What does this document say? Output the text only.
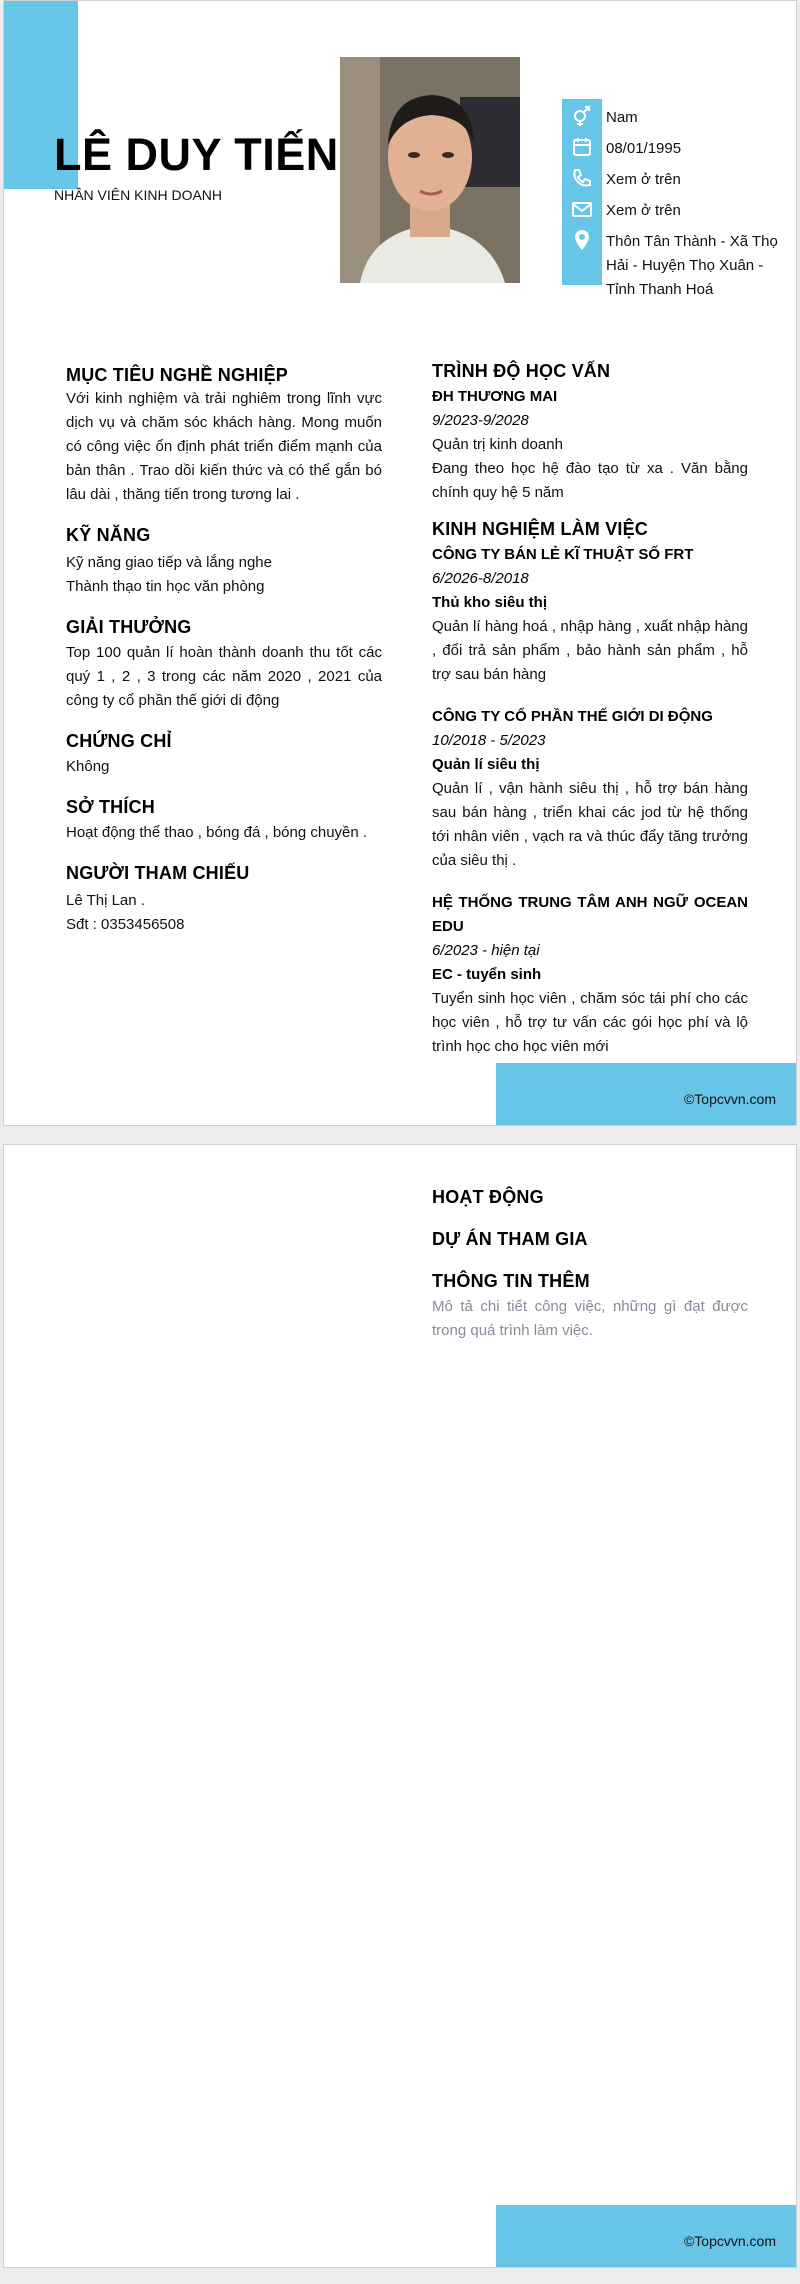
LÊ DUY TIẾN
NHÂN VIÊN KINH DOANH
Nam
08/01/1995
Xem ở trên
Xem ở trên
Thôn Tân Thành - Xã Thọ Hải - Huyện Thọ Xuân - Tỉnh Thanh Hoá
MỤC TIÊU NGHỀ NGHIỆP
Với kinh nghiệm và trải nghiêm trong lĩnh vực dịch vụ và chăm sóc khách hàng. Mong muốn có công việc ổn định phát triển điểm mạnh của bản thân . Trao dồi kiến thức và có thể gắn bó lâu dài , thăng tiến trong tương lai .
KỸ NĂNG
Kỹ năng giao tiếp và lắng nghe
Thành thạo tin học văn phòng
GIẢI THƯỞNG
Top 100 quản lí hoàn thành doanh thu tốt các quý 1 , 2 , 3 trong các năm 2020 , 2021 của công ty cổ phần thế giới di động
CHỨNG CHỈ
Không
SỞ THÍCH
Hoạt động thể thao , bóng đá , bóng chuyền .
NGƯỜI THAM CHIẾU
Lê Thị Lan .
Sđt : 0353456508
TRÌNH ĐỘ HỌC VẤN
ĐH THƯƠNG MAI
9/2023-9/2028
Quản trị kinh doanh
Đang theo học hệ đào tạo từ xa . Văn bằng chính quy hệ 5 năm
KINH NGHIỆM LÀM VIỆC
CÔNG TY BÁN LẺ KĨ THUẬT SỐ FRT
6/2026-8/2018
Thủ kho siêu thị
Quản lí hàng hoá , nhập hàng , xuất nhập hàng , đổi trả sản phẩm , bảo hành sản phẩm , hỗ trợ sau bán hàng
CÔNG TY CỔ PHẦN THẾ GIỚI DI ĐỘNG
10/2018 - 5/2023
Quản lí siêu thị
Quản lí , vận hành siêu thị , hỗ trợ bán hàng sau bán hàng , triển khai các jod từ hệ thống tới nhân viên , vạch ra và thúc đẩy tăng trưởng của siêu thị .
HỆ THỐNG TRUNG TÂM ANH NGỮ OCEAN EDU
6/2023 - hiện tại
EC - tuyển sinh
Tuyển sinh học viên , chăm sóc tái phí cho các học viên , hỗ trợ tư vấn các gói học phí và lộ trình học cho học viên mới
©Topcvvn.com
HOẠT ĐỘNG
DỰ ÁN THAM GIA
THÔNG TIN THÊM
Mô tả chi tiết công việc, những gì đạt được trong quá trình làm việc.
©Topcvvn.com
